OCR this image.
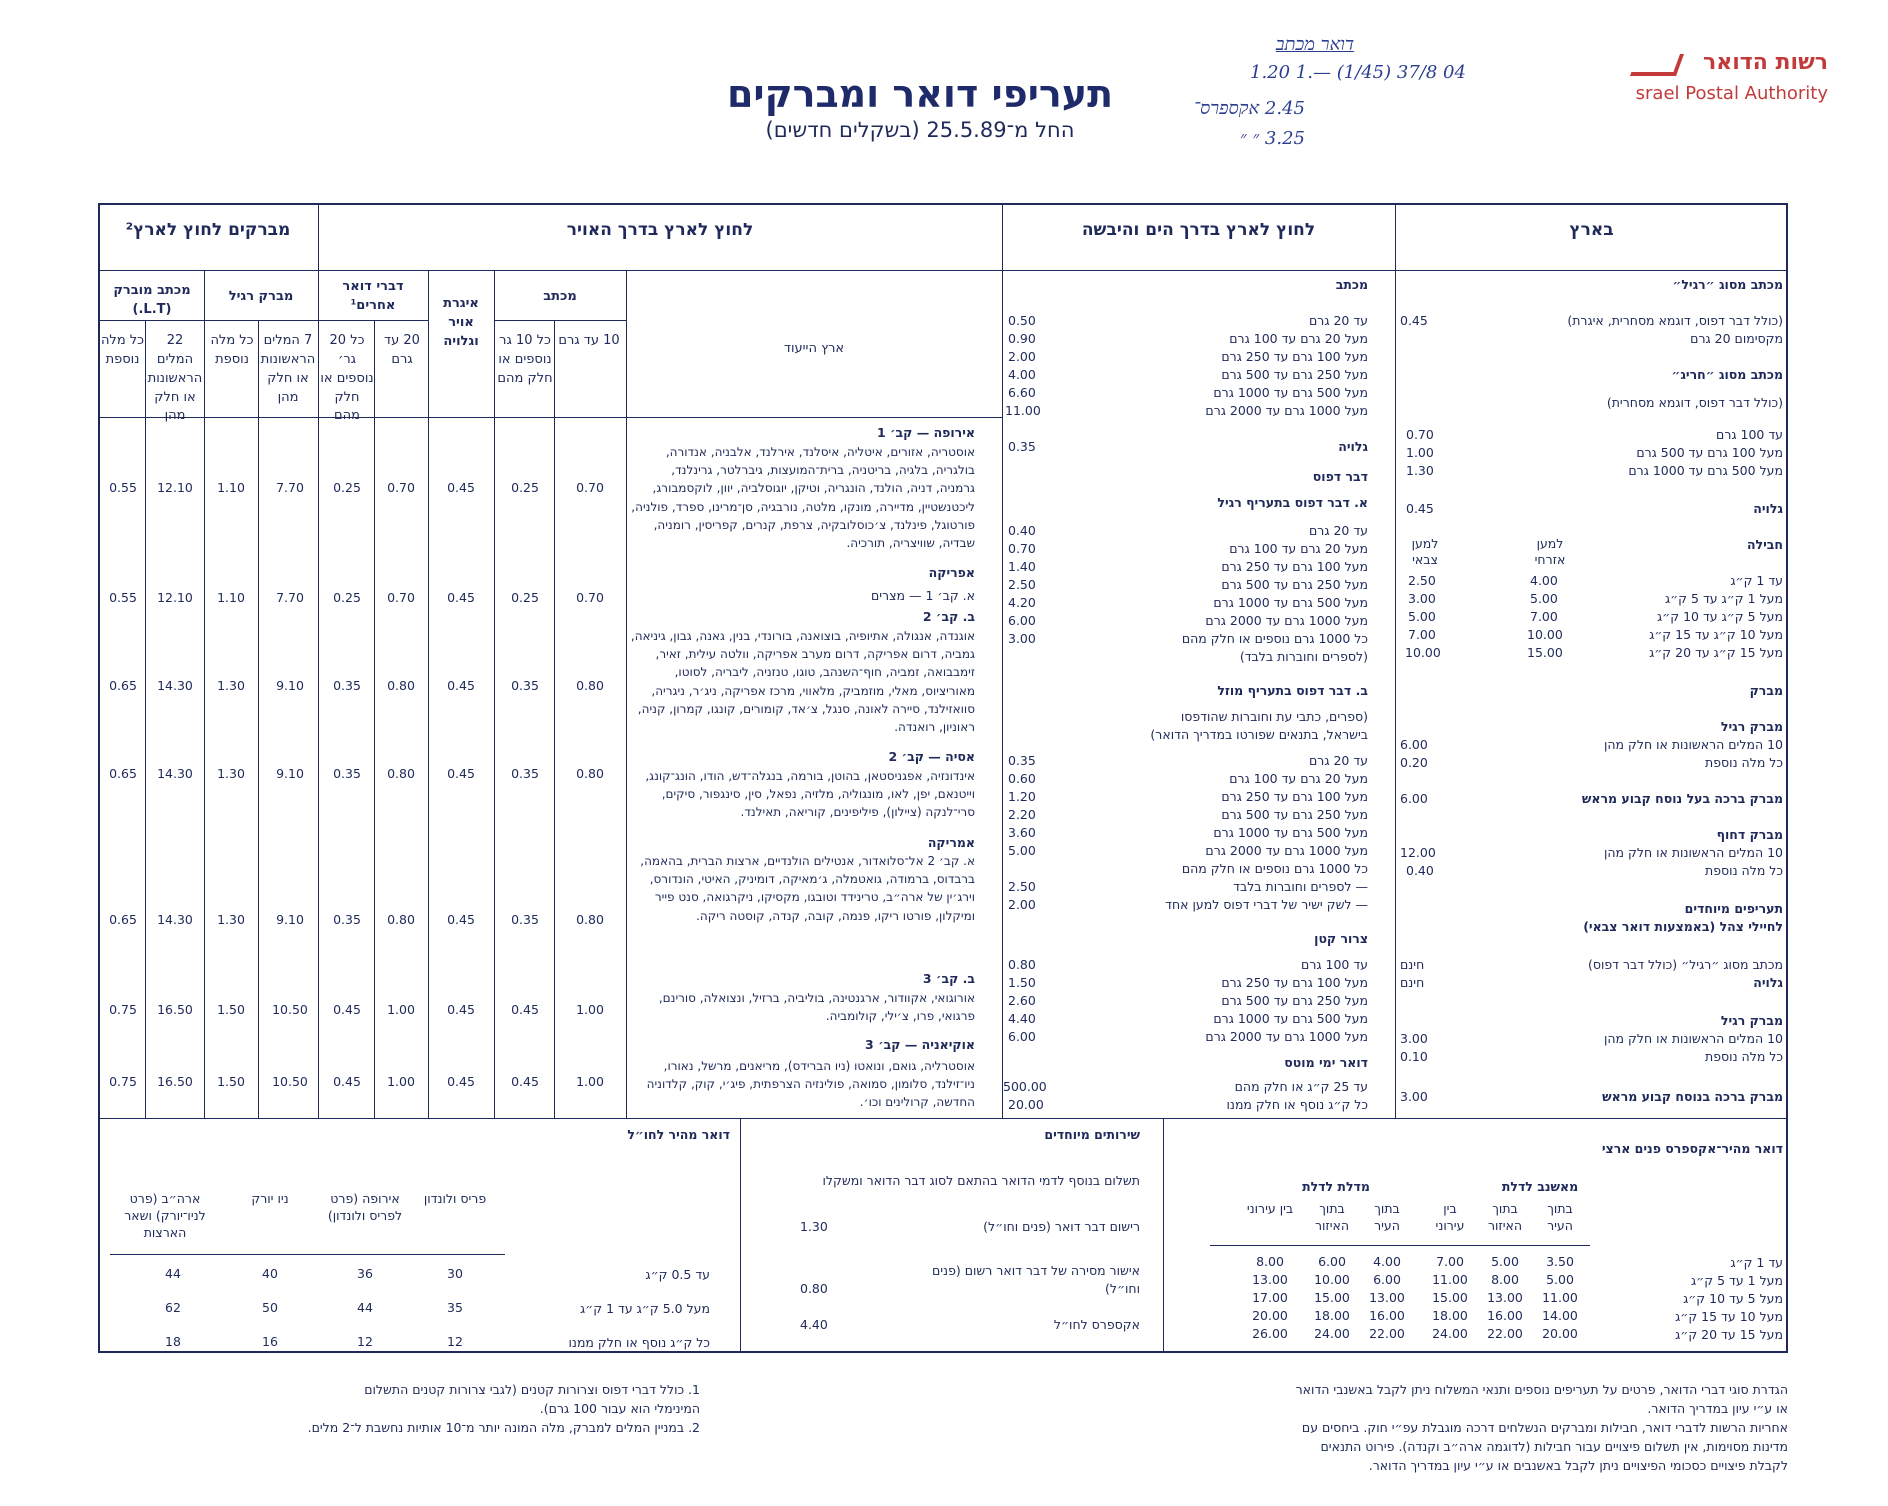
תעריפי דואר ומברקים
החל מ־25.5.89 (בשקלים חדשים)
רשות הדואר
srael Postal Authority
דואר מכתב
1.20 1.— (1/45) 37/8 04
2.45 אקספרס־
3.25 ״ ״
בארץ
לחוץ לארץ בדרך הים והיבשה
לחוץ לארץ בדרך האויר
מברקים לחוץ לארץ²
ארץ הייעוד
מכתב
10 עד גרם
כל 10 גר נוספים או חלק מהם
איגרת אויר וגלויה
דברי דואר אחרים¹
20 עד גרם
כל 20 גר׳ נוספים או חלק מהם
מברק רגיל
7 המלים הראשונות או חלק מהן
כל מלה נוספת
מכתב מוברק (L.T.)
22 המלים הראשונות או חלק מהן
כל מלה נוספת
מכתב מסוג ״רגיל״
(כולל דבר דפוס, דוגמא מסחרית, איגרת)
מקסימום 20 גרם
0.45
מכתב מסוג ״חריג״
(כולל דבר דפוס, דוגמא מסחרית)
עד 100 גרם
0.70
מעל 100 גרם עד 500 גרם
1.00
מעל 500 גרם עד 1000 גרם
1.30
גלויה
0.45
חבילה
למען אזרחי
למען צבאי
עד 1 ק״ג
4.00
2.50
מעל 1 ק״ג עד 5 ק״ג
5.00
3.00
מעל 5 ק״ג עד 10 ק״ג
7.00
5.00
מעל 10 ק״ג עד 15 ק״ג
10.00
7.00
מעל 15 ק״ג עד 20 ק״ג
15.00
10.00
מברק
מברק רגיל
10 המלים הראשונות או חלק מהן
6.00
כל מלה נוספת
0.20
מברק ברכה בעל נוסח קבוע מראש
6.00
מברק דחוף
10 המלים הראשונות או חלק מהן
12.00
כל מלה נוספת
0.40
תעריפים מיוחדים
לחיילי צהל (באמצעות דואר צבאי)
מכתב מסוג ״רגיל״ (כולל דבר דפוס)
חינם
גלויה
חינם
מברק רגיל
10 המלים הראשונות או חלק מהן
3.00
כל מלה נוספת
0.10
מברק ברכה בנוסח קבוע מראש
3.00
מכתב
עד 20 גרם
0.50
מעל 20 גרם עד 100 גרם
0.90
מעל 100 גרם עד 250 גרם
2.00
מעל 250 גרם עד 500 גרם
4.00
מעל 500 גרם עד 1000 גרם
6.60
מעל 1000 גרם עד 2000 גרם
11.00
גלויה
0.35
דבר דפוס
א. דבר דפוס בתעריף רגיל
עד 20 גרם
0.40
מעל 20 גרם עד 100 גרם
0.70
מעל 100 גרם עד 250 גרם
1.40
מעל 250 גרם עד 500 גרם
2.50
מעל 500 גרם עד 1000 גרם
4.20
מעל 1000 גרם עד 2000 גרם
6.00
כל 1000 גרם נוספים או חלק מהם
3.00
(לספרים וחוברות בלבד)
ב. דבר דפוס בתעריף מוזל
(ספרים, כתבי עת וחוברות שהודפסו
בישראל, בתנאים שפורטו במדריך הדואר)
עד 20 גרם
0.35
מעל 20 גרם עד 100 גרם
0.60
מעל 100 גרם עד 250 גרם
1.20
מעל 250 גרם עד 500 גרם
2.20
מעל 500 גרם עד 1000 גרם
3.60
מעל 1000 גרם עד 2000 גרם
5.00
כל 1000 גרם נוספים או חלק מהם
— לספרים וחוברות בלבד
2.50
— לשק ישיר של דברי דפוס למען אחד
2.00
צרור קטן
עד 100 גרם
0.80
מעל 100 גרם עד 250 גרם
1.50
מעל 250 גרם עד 500 גרם
2.60
מעל 500 גרם עד 1000 גרם
4.40
מעל 1000 גרם עד 2000 גרם
6.00
דואר ימי מוטס
עד 25 ק״ג או חלק מהם
500.00
כל ק״ג נוסף או חלק ממנו
20.00
אירופה — קב׳ 1
אוסטריה, אזורים, איטליה, איסלנד, אירלנד, אלבניה, אנדורה, בולגריה, בלגיה, בריטניה, ברית־המועצות, גיברלטר, גרינלנד, גרמניה, דניה, הולנד, הונגריה, וטיקן, יוגוסלביה, יוון, לוקסמבורג, ליכטנשטיין, מדיירה, מונקו, מלטה, נורבגיה, סן־מרינו, ספרד, פולניה, פורטוגל, פינלנד, צ׳כוסלובקיה, צרפת, קנרים, קפריסין, רומניה, שבדיה, שוויצריה, תורכיה.
0.70
0.25
0.45
0.70
0.25
7.70
1.10
12.10
0.55
אפריקה
א. קב׳ 1 — מצרים
0.70
0.25
0.45
0.70
0.25
7.70
1.10
12.10
0.55
ב. קב׳ 2
אוגנדה, אנגולה, אתיופיה, בוצואנה, בורונדי, בנין, גאנה, גבון, גיניאה, גמביה, דרום אפריקה, דרום מערב אפריקה, וולטה עילית, זאיר, זימבבואה, זמביה, חוף־השנהב, טוגו, טנזניה, ליבריה, לסוטו, מאוריציוס, מאלי, מוזמביק, מלאווי, מרכז אפריקה, ניג׳ר, ניגריה, סוואזילנד, סיירה לאונה, סנגל, צ׳אד, קומורים, קונגו, קמרון, קניה, ראוניון, רואנדה.
0.80
0.35
0.45
0.80
0.35
9.10
1.30
14.30
0.65
אסיה — קב׳ 2
אינדונזיה, אפגניסטאן, בהוטן, בורמה, בנגלה־דש, הודו, הונג־קונג, וייטנאם, יפן, לאו, מונגוליה, מלזיה, נפאל, סין, סינגפור, סיקים, סרי־לנקה (ציילון), פיליפינים, קוריאה, תאילנד.
0.80
0.35
0.45
0.80
0.35
9.10
1.30
14.30
0.65
אמריקה
א. קב׳ 2 אל־סלואדור, אנטילים הולנדיים, ארצות הברית, בהאמה, ברבדוס, ברמודה, גואטמלה, ג׳מאיקה, דומיניק, האיטי, הונדורס, וירג׳ין של ארה״ב, טרינידד וטובגו, מקסיקו, ניקרגואה, סנט פייר ומיקלון, פורטו ריקו, פנמה, קובה, קנדה, קוסטה ריקה.
0.80
0.35
0.45
0.80
0.35
9.10
1.30
14.30
0.65
ב. קב׳ 3
אורוגואי, אקוודור, ארגנטינה, בוליביה, ברזיל, ונצואלה, סורינם, פרגואי, פרו, צ׳ילי, קולומביה.
1.00
0.45
0.45
1.00
0.45
10.50
1.50
16.50
0.75
אוקיאניה — קב׳ 3
אוסטרליה, גואם, ונואטו (ניו הברידס), מריאנים, מרשל, נאורו, ניו־זילנד, סלומון, סמואה, פולינזיה הצרפתית, פיג׳י, קוק, קלדוניה החדשה, קרולינים וכו׳.
1.00
0.45
0.45
1.00
0.45
10.50
1.50
16.50
0.75
דואר מהיר־אקספרס פנים ארצי
מאשנב לדלת
מדלת לדלת
בתוך העיר
בתוך האיזור
בין עירוני
בתוך העיר
בתוך האיזור
בין עירוני
עד 1 ק״ג
מעל 1 עד 5 ק״ג
מעל 5 עד 10 ק״ג
מעל 10 עד 15 ק״ג
מעל 15 עד 20 ק״ג
3.50
5.00
7.00
4.00
6.00
8.00
5.00
8.00
11.00
6.00
10.00
13.00
11.00
13.00
15.00
13.00
15.00
17.00
14.00
16.00
18.00
16.00
18.00
20.00
20.00
22.00
24.00
22.00
24.00
26.00
שירותים מיוחדים
תשלום בנוסף לדמי הדואר בהתאם לסוג דבר הדואר ומשקלו
רישום דבר דואר (פנים וחו״ל)
1.30
אישור מסירה של דבר דואר רשום (פנים וחו״ל)
0.80
אקספרס לחו״ל
4.40
דואר מהיר לחו״ל
פריס ולונדון
אירופה (פרט לפריס ולונדון)
ניו יורק
ארה״ב (פרט לניו־יורק) ושאר הארצות
עד 0.5 ק״ג
30
36
40
44
מעל 5.0 ק״ג עד 1 ק״ג
35
44
50
62
כל ק״ג נוסף או חלק ממנו
12
12
16
18
הגדרת סוגי דברי הדואר, פרטים על תעריפים נוספים ותנאי המשלוח ניתן לקבל באשנבי הדואר
או ע״י עיון במדריך הדואר.
אחריות הרשות לדברי דואר, חבילות ומברקים הנשלחים דרכה מוגבלת עפ״י חוק. ביחסים עם
מדינות מסוימות, אין תשלום פיצויים עבור חבילות (לדוגמה ארה״ב וקנדה). פירוט התנאים
לקבלת פיצויים כסכומי הפיצויים ניתן לקבל באשנבים או ע״י עיון במדריך הדואר.
1. כולל דברי דפוס וצרורות קטנים (לגבי צרורות קטנים התשלום
המינימלי הוא עבור 100 גרם).
2. במניין המלים למברק, מלה המונה יותר מ־10 אותיות נחשבת ל־2 מלים.
